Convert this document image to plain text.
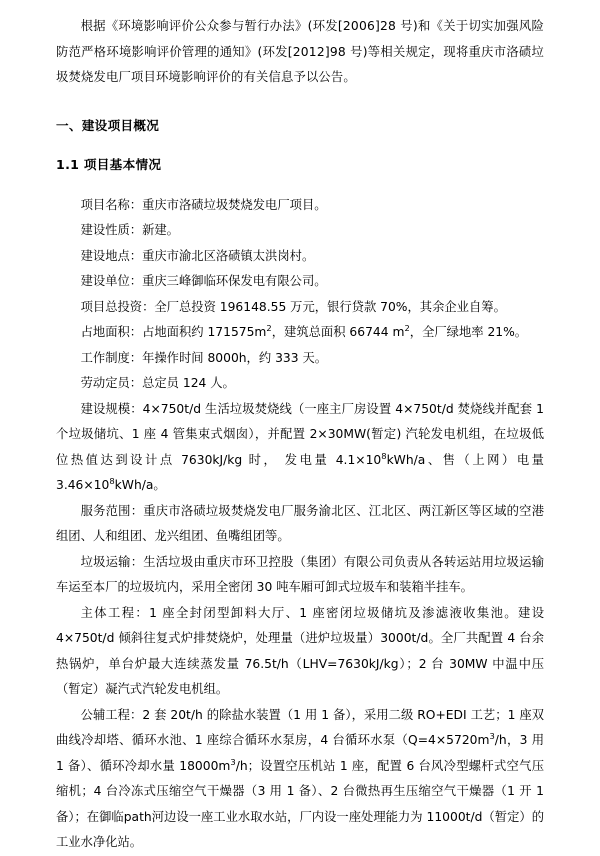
根据《环境影响评价公众参与暂行办法》(环发[2006]28 号)和《关于切实加强风险防范严格环境影响评价管理的通知》(环发[2012]98 号)等相关规定，现将重庆市洛碛垃圾焚烧发电厂项目环境影响评价的有关信息予以公告。

一、建设项目概况
1.1 项目基本情况

项目名称：重庆市洛碛垃圾焚烧发电厂项目。

建设性质：新建。

建设地点：重庆市渝北区洛碛镇太洪岗村。

建设单位：重庆三峰御临环保发电有限公司。

项目总投资：全厂总投资 196148.55 万元，银行贷款 70%，其余企业自筹。

占地面积：占地面积约 $171575m^2$，建筑总面积 66744 $m^2$，全厂绿地率 21%。

工作制度：年操作时间 8000h，约 333 天。

劳动定员：总定员 124 人。

建设规模：4×750t/d 生活垃圾焚烧线（一座主厂房设置 4×750t/d 焚烧线并配套 1 个垃圾储坑、1 座 4 管集束式烟囱），并配置 2×30MW(暂定) 汽轮发电机组，在垃圾低位热值达到设计点 7630kJ/kg 时， 发电量 $4.1\times 10^8kWh/a$、售（上网）电量 $3.46\times 10^8kWh/a$。

服务范围：重庆市洛碛垃圾焚烧发电厂服务渝北区、江北区、两江新区等区域的空港组团、人和组团、龙兴组团、鱼嘴组团等。

垃圾运输：生活垃圾由重庆市环卫控股（集团）有限公司负责从各转运站用垃圾运输车运至本厂的垃圾坑内，采用全密闭 30 吨车厢可卸式垃圾车和装箱半挂车。

主体工程：1 座全封闭型卸料大厅、1 座密闭垃圾储坑及渗滤液收集池。建设 4×750t/d 倾斜往复式炉排焚烧炉，处理量（进炉垃圾量）3000t/d。全厂共配置 4 台余热锅炉，单台炉最大连续蒸发量 76.5t/h（LHV=7630kJ/kg）；2 台 30MW 中温中压（暂定）凝汽式汽轮发电机组。

公辅工程：2 套 20t/h 的除盐水装置（1 用 1 备），采用二级 RO+EDI 工艺；1 座双曲线冷却塔、循环水池、1 座综合循环水泵房，4 台循环水泵（$Q=4\times 5720m^3/h$，3 用 1 备）、循环冷却水量 $18000m^3/h$；设置空压机站 1 座，配置 6 台风冷型螺杆式空气压缩机；4 台冷冻式压缩空气干燥器（3 用 1 备）、2 台微热再生压缩空气干燥器（1 开 1 备）；在御临path河边设一座工业水取水站，厂内设一座处理能力为 11000t/d（暂定）的工业水净化站。
